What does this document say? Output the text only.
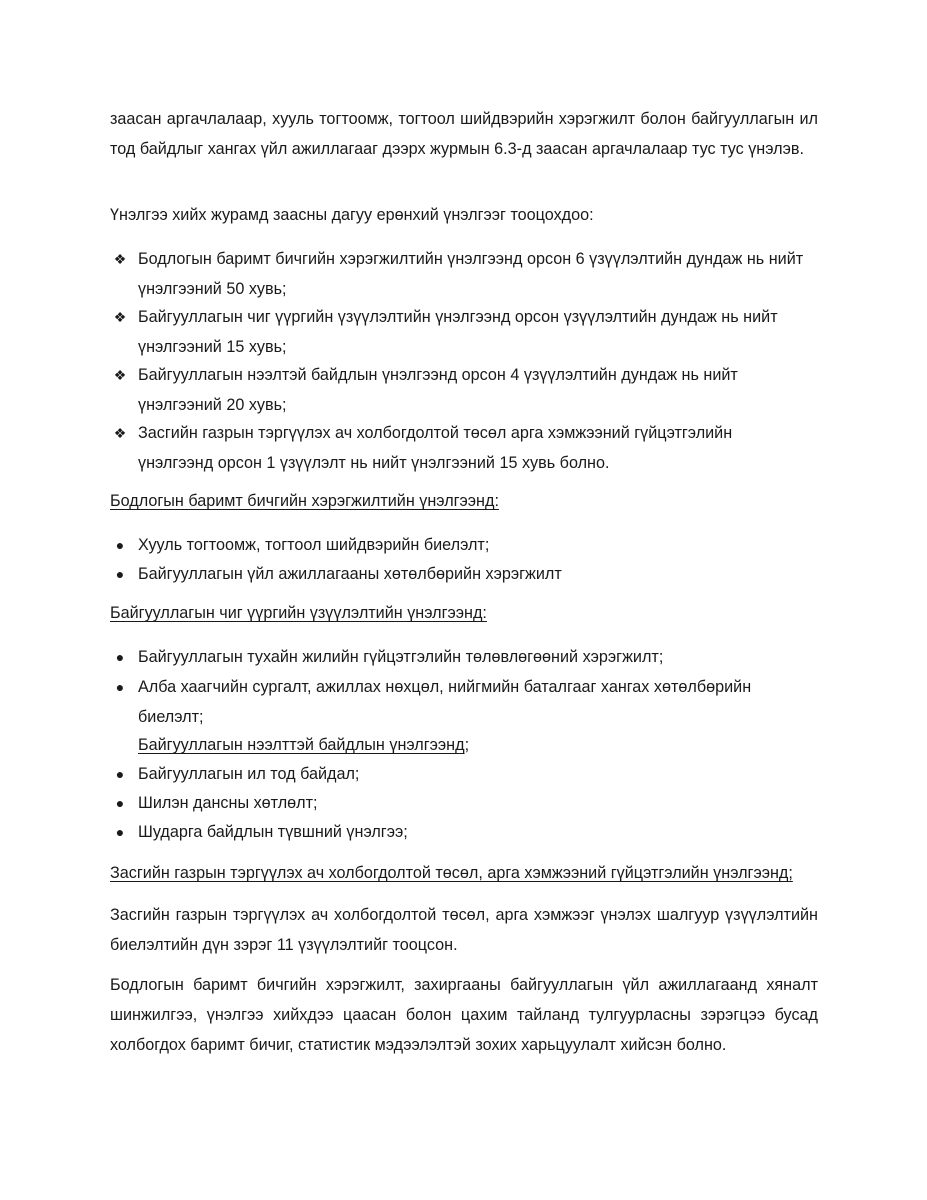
заасан аргачлалаар, хууль тогтоомж, тогтоол шийдвэрийн хэрэгжилт болон байгууллагын ил тод байдлыг хангах үйл ажиллагааг дээрх журмын 6.3-д заасан аргачлалаар тус тус үнэлэв.

Үнэлгээ хийх журамд заасны дагуу ерөнхий үнэлгээг тооцохдоо:

❖ Бодлогын баримт бичгийн хэрэгжилтийн үнэлгээнд орсон 6 үзүүлэлтийн дундаж нь нийт үнэлгээний 50 хувь;
❖ Байгууллагын чиг үүргийн үзүүлэлтийн үнэлгээнд орсон үзүүлэлтийн дундаж нь нийт үнэлгээний 15 хувь;
❖ Байгууллагын нээлтэй байдлын үнэлгээнд орсон 4 үзүүлэлтийн дундаж нь нийт үнэлгээний 20 хувь;
❖ Засгийн газрын тэргүүлэх ач холбогдолтой төсөл арга хэмжээний гүйцэтгэлийн үнэлгээнд орсон 1 үзүүлэлт нь нийт үнэлгээний 15 хувь болно.

Бодлогын баримт бичгийн хэрэгжилтийн үнэлгээнд:

● Хууль тогтоомж, тогтоол шийдвэрийн биелэлт;
● Байгууллагын үйл ажиллагааны хөтөлбөрийн хэрэгжилт

Байгууллагын чиг үүргийн үзүүлэлтийн үнэлгээнд:

● Байгууллагын тухайн жилийн гүйцэтгэлийн төлөвлөгөөний хэрэгжилт;
● Алба хаагчийн сургалт, ажиллах нөхцөл, нийгмийн баталгааг хангах хөтөлбөрийн биелэлт;

Байгууллагын нээлттэй байдлын үнэлгээнд;

● Байгууллагын ил тод байдал;
● Шилэн дансны хөтлөлт;
● Шударга байдлын түвшний үнэлгээ;

Засгийн газрын тэргүүлэх ач холбогдолтой төсөл, арга хэмжээний гүйцэтгэлийн үнэлгээнд;

Засгийн газрын тэргүүлэх ач холбогдолтой төсөл, арга хэмжээг үнэлэх шалгуур үзүүлэлтийн биелэлтийн дүн зэрэг 11 үзүүлэлтийг тооцсон.

Бодлогын баримт бичгийн хэрэгжилт, захиргааны байгууллагын үйл ажиллагаанд хяналт шинжилгээ, үнэлгээ хийхдээ цаасан болон цахим тайланд тулгуурласны зэрэгцээ бусад холбогдох баримт бичиг, статистик мэдээлэлтэй зохих харьцуулалт хийсэн болно.
